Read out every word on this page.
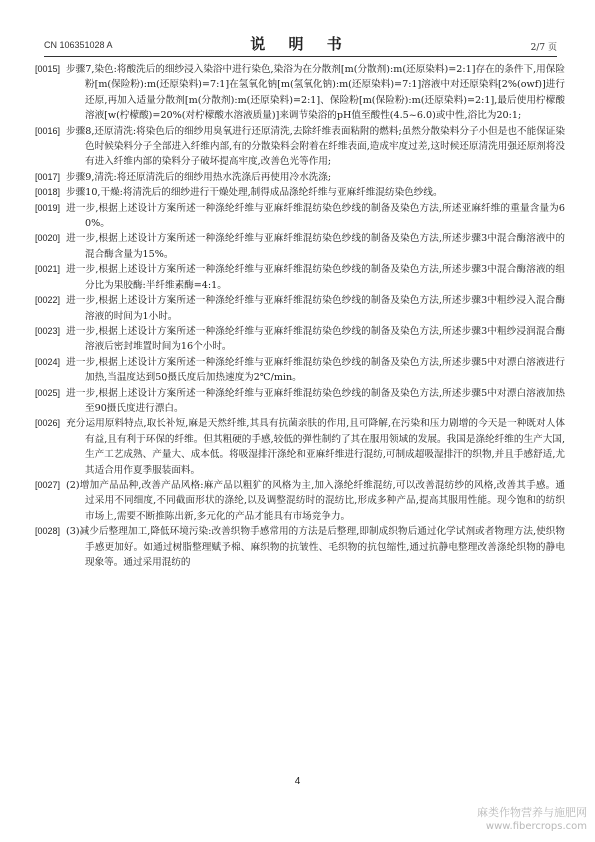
CN 106351028 A	说 明 书	2/7 页

[0015] 步骤7,染色:将酸洗后的细纱浸入染浴中进行染色,染浴为在分散剂[m(分散剂):m(还原染料)=2:1]存在的条件下,用保险粉[m(保险粉):m(还原染料)=7:1]在氢氧化钠[m(氢氧化钠):m(还原染料)=7:1]溶液中对还原染料[2%(owf)]进行还原,再加入适量分散剂[m(分散剂):m(还原染料)=2:1]、保险粉[m(保险粉):m(还原染料)=2:1],最后使用柠檬酸溶液[w(柠檬酸)=20%(对柠檬酸水溶液质量)]来调节染浴的pH值至酸性(4.5~6.0)或中性,浴比为20:1;

[0016] 步骤8,还原清洗:将染色后的细纱用臭氧进行还原清洗,去除纤维表面粘附的燃料;虽然分散染料分子小但是也不能保证染色时候染料分子全部进入纤维内部,有的分散染料会附着在纤维表面,造成牢度过差,这时候还原清洗用强还原剂将没有进入纤维内部的染料分子破坏提高牢度,改善色光等作用;

[0017] 步骤9,清洗:将还原清洗后的细纱用热水洗涤后再使用冷水洗涤;

[0018] 步骤10,干燥:将清洗后的细纱进行干燥处理,制得成品涤纶纤维与亚麻纤维混纺染色纱线。

[0019] 进一步,根据上述设计方案所述一种涤纶纤维与亚麻纤维混纺染色纱线的制备及染色方法,所述亚麻纤维的重量含量为60%。

[0020] 进一步,根据上述设计方案所述一种涤纶纤维与亚麻纤维混纺染色纱线的制备及染色方法,所述步骤3中混合酶溶液中的混合酶含量为15%。

[0021] 进一步,根据上述设计方案所述一种涤纶纤维与亚麻纤维混纺染色纱线的制备及染色方法,所述步骤3中混合酶溶液的组分比为果胶酶:半纤维素酶=4:1。

[0022] 进一步,根据上述设计方案所述一种涤纶纤维与亚麻纤维混纺染色纱线的制备及染色方法,所述步骤3中粗纱浸入混合酶溶液的时间为1小时。

[0023] 进一步,根据上述设计方案所述一种涤纶纤维与亚麻纤维混纺染色纱线的制备及染色方法,所述步骤3中粗纱浸润混合酶溶液后密封堆置时间为16个小时。

[0024] 进一步,根据上述设计方案所述一种涤纶纤维与亚麻纤维混纺染色纱线的制备及染色方法,所述步骤5中对漂白溶液进行加热,当温度达到50摄氏度后加热速度为2℃/min。

[0025] 进一步,根据上述设计方案所述一种涤纶纤维与亚麻纤维混纺染色纱线的制备及染色方法,所述步骤5中对漂白溶液加热至90摄氏度进行漂白。

[0026] 充分运用原料特点,取长补短,麻是天然纤维,其具有抗菌亲肤的作用,且可降解,在污染和压力剧增的今天是一种既对人体有益,且有利于环保的纤维。但其粗硬的手感,较低的弹性制约了其在服用领域的发展。我国是涤纶纤维的生产大国,生产工艺成熟、产量大、成本低。将吸湿排汗涤纶和亚麻纤维进行混纺,可制成超吸湿排汗的织物,并且手感舒适,尤其适合用作夏季服装面料。

[0027] (2)增加产品品种,改善产品风格:麻产品以粗犷的风格为主,加入涤纶纤维混纺,可以改善混纺纱的风格,改善其手感。通过采用不同细度,不同截面形状的涤纶,以及调整混纺时的混纺比,形成多种产品,提高其服用性能。现今饱和的纺织市场上,需要不断推陈出新,多元化的产品才能具有市场竞争力。

[0028] (3)减少后整理加工,降低环境污染:改善织物手感常用的方法是后整理,即制成织物后通过化学试剂或者物理方法,使织物手感更加好。如通过树脂整理赋予棉、麻织物的抗皱性、毛织物的抗包缩性,通过抗静电整理改善涤纶织物的静电现象等。通过采用混纺的

4
麻类作物营养与施肥网
www.fibercrops.com
